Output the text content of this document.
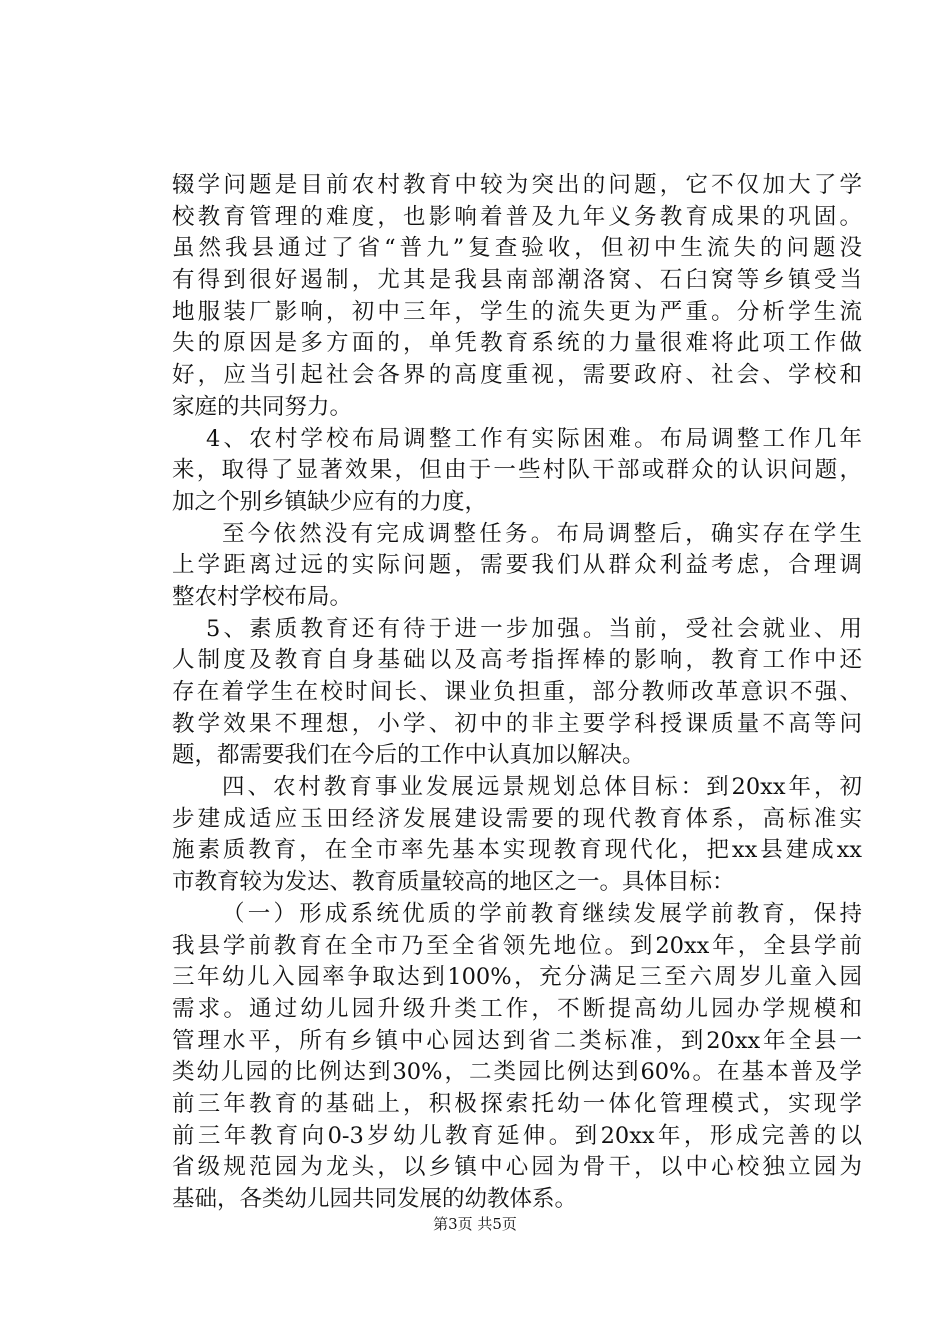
辍学问题是目前农村教育中较为突出的问题，它不仅加大了学
校教育管理的难度，也影响着普及九年义务教育成果的巩固。
虽然我县通过了省“普九”复查验收，但初中生流失的问题没
有得到很好遏制，尤其是我县南部潮洛窝、石臼窝等乡镇受当
地服装厂影响，初中三年，学生的流失更为严重。分析学生流
失的原因是多方面的，单凭教育系统的力量很难将此项工作做
好，应当引起社会各界的高度重视，需要政府、社会、学校和
家庭的共同努力。
4、农村学校布局调整工作有实际困难。布局调整工作几年
来，取得了显著效果，但由于一些村队干部或群众的认识问题，
加之个别乡镇缺少应有的力度，
至今依然没有完成调整任务。布局调整后，确实存在学生
上学距离过远的实际问题，需要我们从群众利益考虑，合理调
整农村学校布局。
5、素质教育还有待于进一步加强。当前，受社会就业、用
人制度及教育自身基础以及高考指挥棒的影响，教育工作中还
存在着学生在校时间长、课业负担重，部分教师改革意识不强、
教学效果不理想，小学、初中的非主要学科授课质量不高等问
题，都需要我们在今后的工作中认真加以解决。
四、农村教育事业发展远景规划总体目标：到20xx年，初
步建成适应玉田经济发展建设需要的现代教育体系，高标准实
施素质教育，在全市率先基本实现教育现代化，把xx县建成xx
市教育较为发达、教育质量较高的地区之一。具体目标：
（一）形成系统优质的学前教育继续发展学前教育，保持
我县学前教育在全市乃至全省领先地位。到20xx年，全县学前
三年幼儿入园率争取达到100%，充分满足三至六周岁儿童入园
需求。通过幼儿园升级升类工作，不断提高幼儿园办学规模和
管理水平，所有乡镇中心园达到省二类标准，到20xx年全县一
类幼儿园的比例达到30%，二类园比例达到60%。在基本普及学
前三年教育的基础上，积极探索托幼一体化管理模式，实现学
前三年教育向0-3岁幼儿教育延伸。到20xx年，形成完善的以
省级规范园为龙头，以乡镇中心园为骨干，以中心校独立园为
基础，各类幼儿园共同发展的幼教体系。
第3页 共5页
